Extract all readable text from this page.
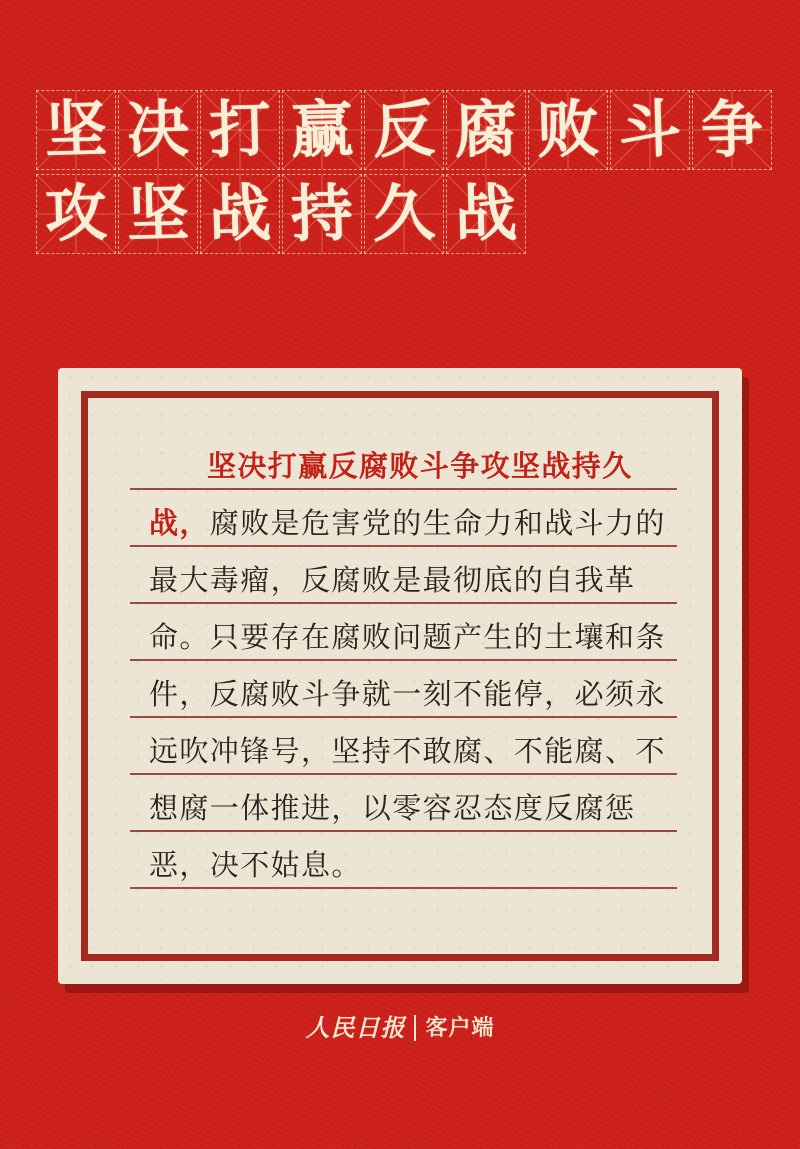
坚 决 打 赢 反 腐 败 斗 争
攻 坚 战 持 久 战
坚决打赢反腐败斗争攻坚战持久
战，腐败是危害党的生命力和战斗力的
最大毒瘤，反腐败是最彻底的自我革
命。只要存在腐败问题产生的土壤和条
件，反腐败斗争就一刻不能停，必须永
远吹冲锋号，坚持不敢腐、不能腐、不
想腐一体推进，以零容忍态度反腐惩
恶，决不姑息。
人民日报 客户端
